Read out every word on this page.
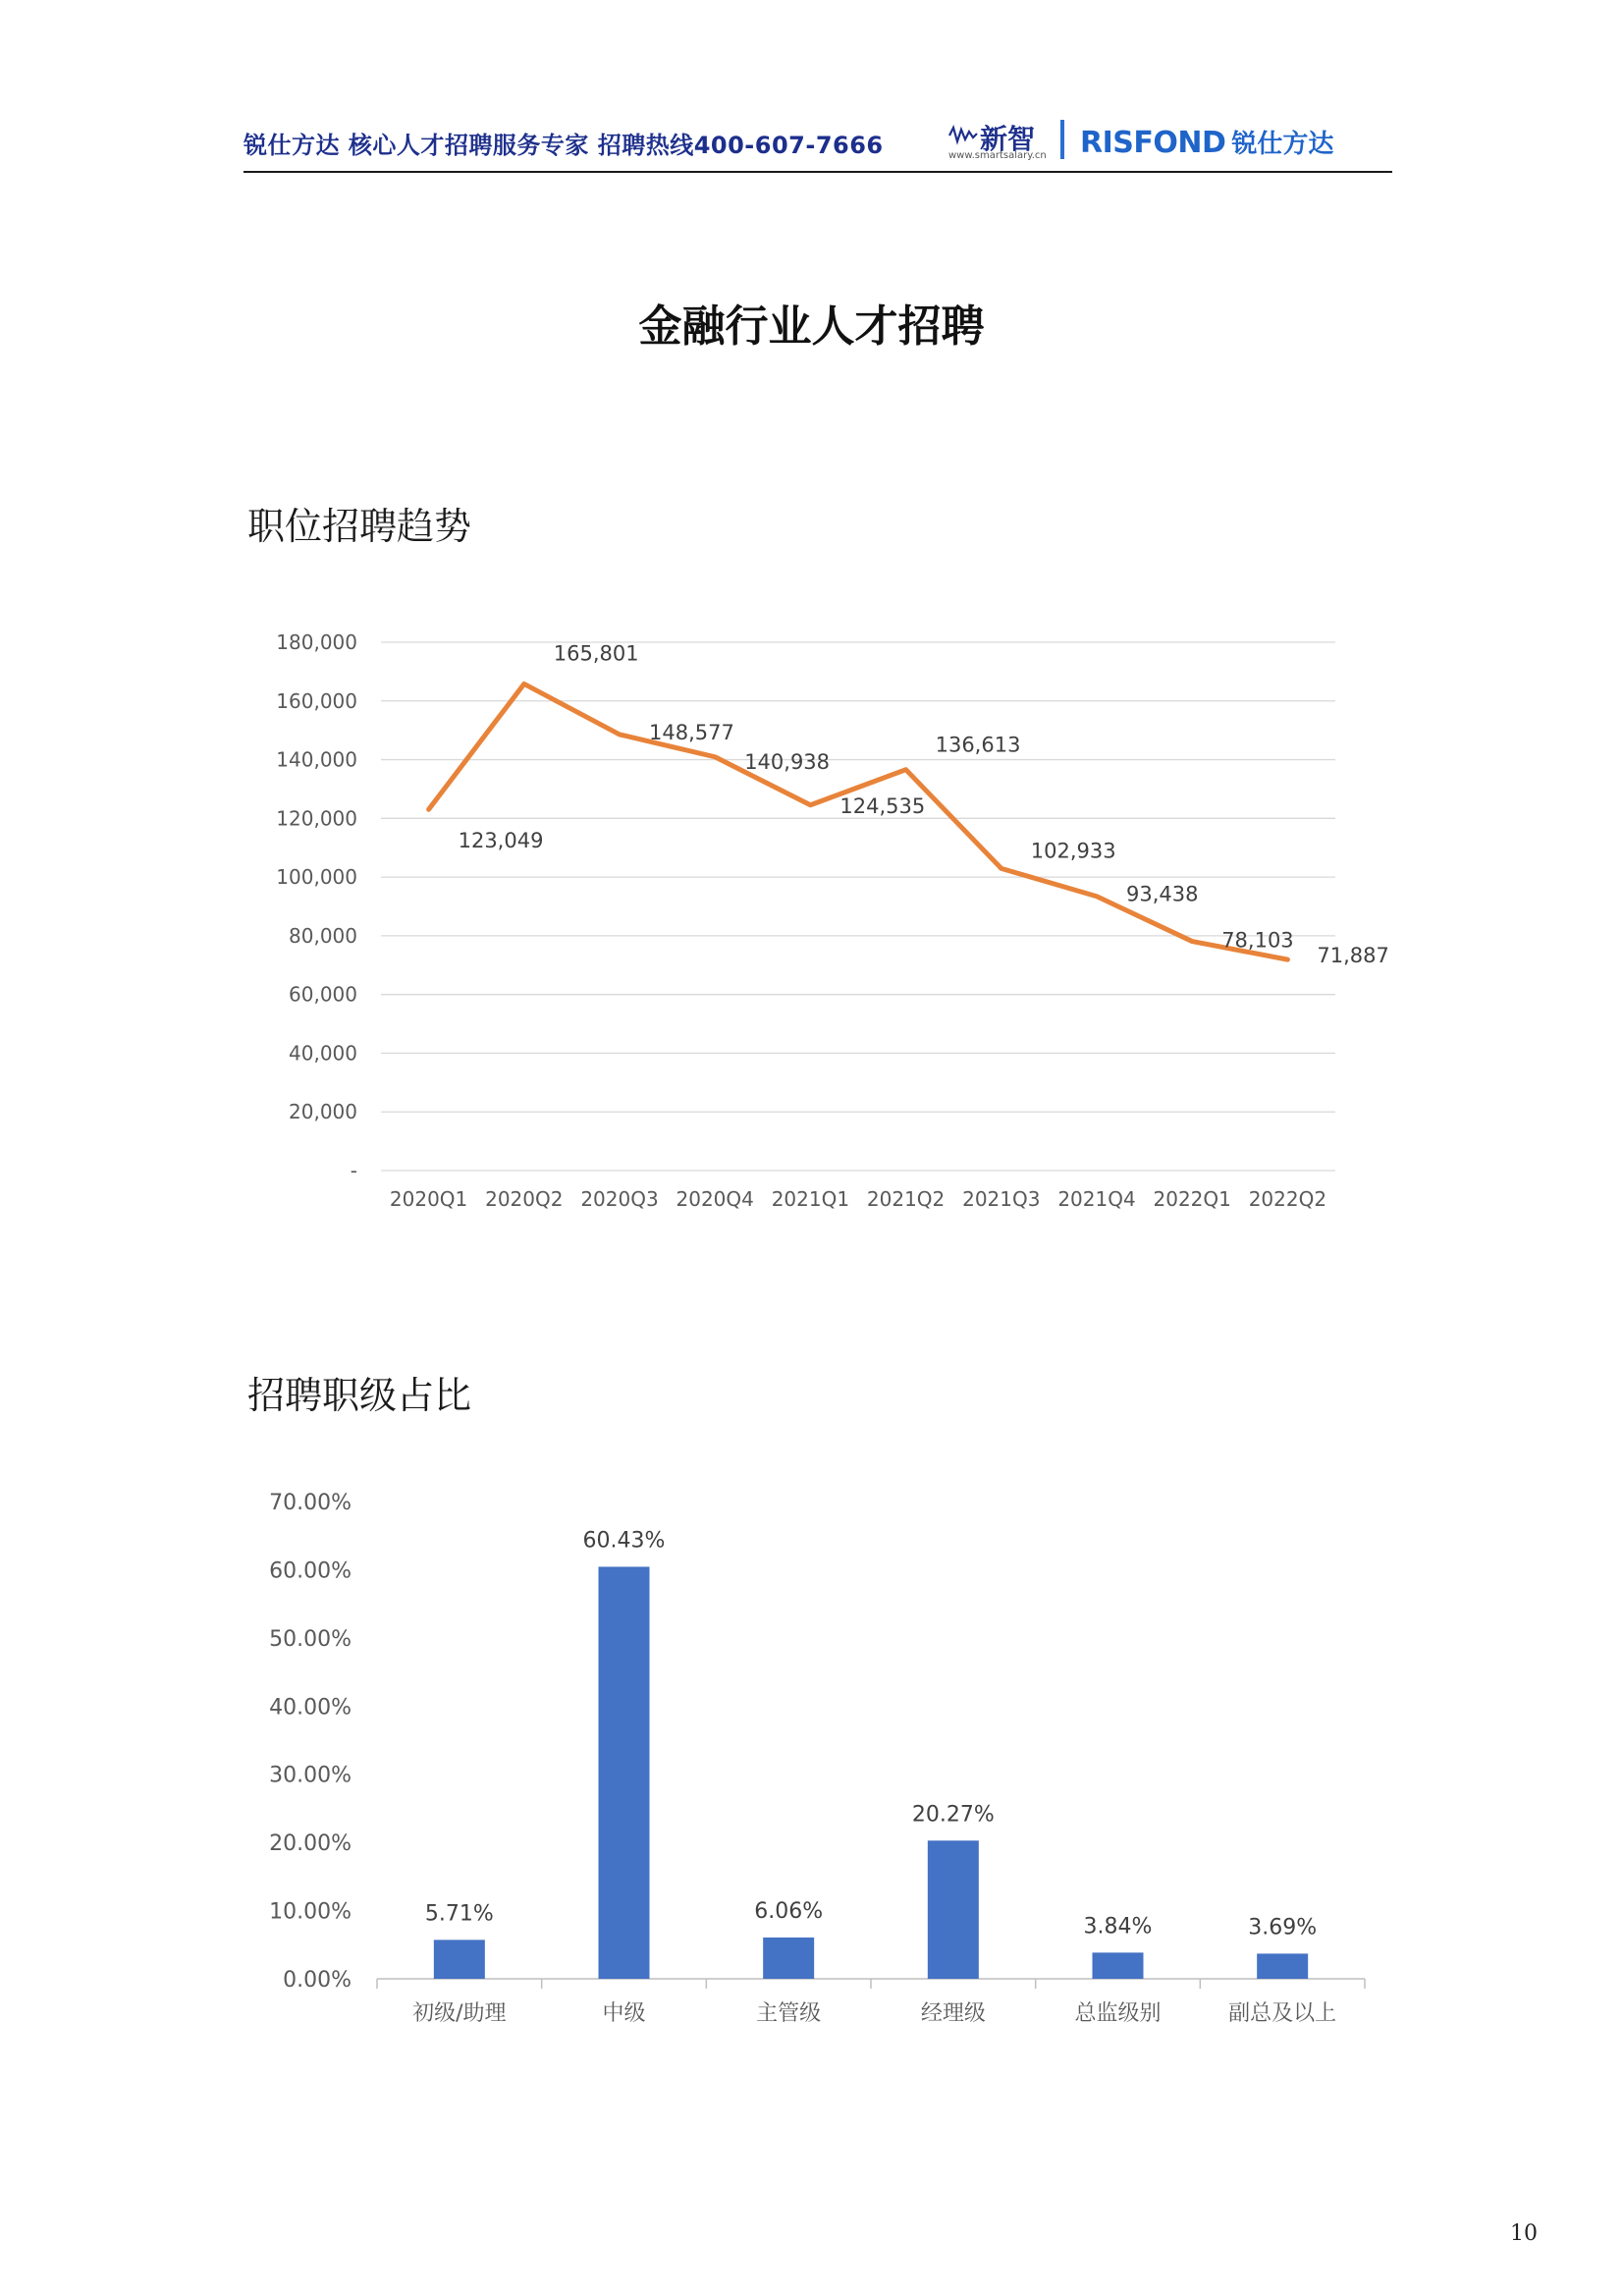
锐仕方达 核心人才招聘服务专家 招聘热线400-607-7666	新智
www.smartsalary.cn RISFOND 锐仕方达
金融行业人才招聘
职位招聘趋势
-
20,000
40,000
60,000
80,000
100,000
120,000
140,000
160,000
180,000
2020Q1 2020Q2 2020Q3 2020Q4 2021Q1 2021Q2 2021Q3 2021Q4 2022Q1 2022Q2
123,049
165,801
148,577
140,938
124,535
136,613
102,933
93,438
78,103
71,887
招聘职级占比
0.00%
10.00%
20.00%
30.00%
40.00%
50.00%
60.00%
70.00%
5.71%
初级/助理
60.43%
中级
6.06%
主管级
20.27%
经理级
3.84%
总监级别
3.69%
副总及以上
10
